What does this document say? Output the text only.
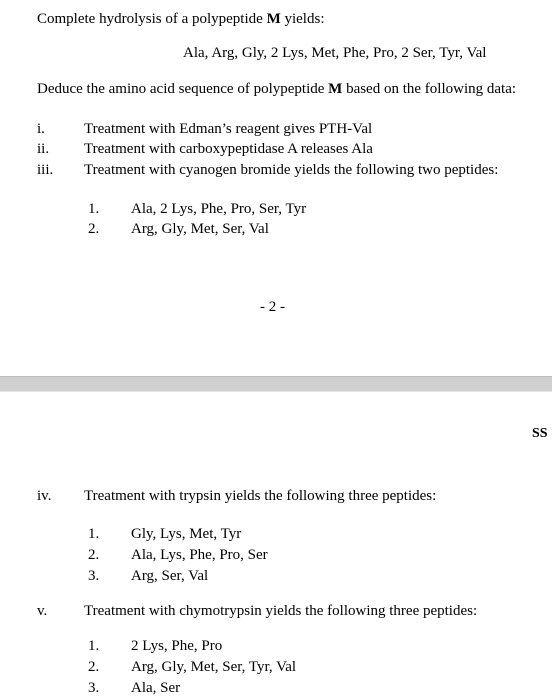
Complete hydrolysis of a polypeptide M yields:
Ala, Arg, Gly, 2 Lys, Met, Phe, Pro, 2 Ser, Tyr, Val
Deduce the amino acid sequence of polypeptide M based on the following data:
i.	Treatment with Edman’s reagent gives PTH-Val
ii. Treatment with carboxypeptidase A releases Ala
iii. Treatment with cyanogen bromide yields the following two peptides:
1. Ala, 2 Lys, Phe, Pro, Ser, Tyr
2. Arg, Gly, Met, Ser, Val
- 2 -
SS
iv. Treatment with trypsin yields the following three peptides:
1. Gly, Lys, Met, Tyr
2. Ala, Lys, Phe, Pro, Ser
3. Arg, Ser, Val
v. Treatment with chymotrypsin yields the following three peptides:
1. 2 Lys, Phe, Pro
2. Arg, Gly, Met, Ser, Tyr, Val
3. Ala, Ser
